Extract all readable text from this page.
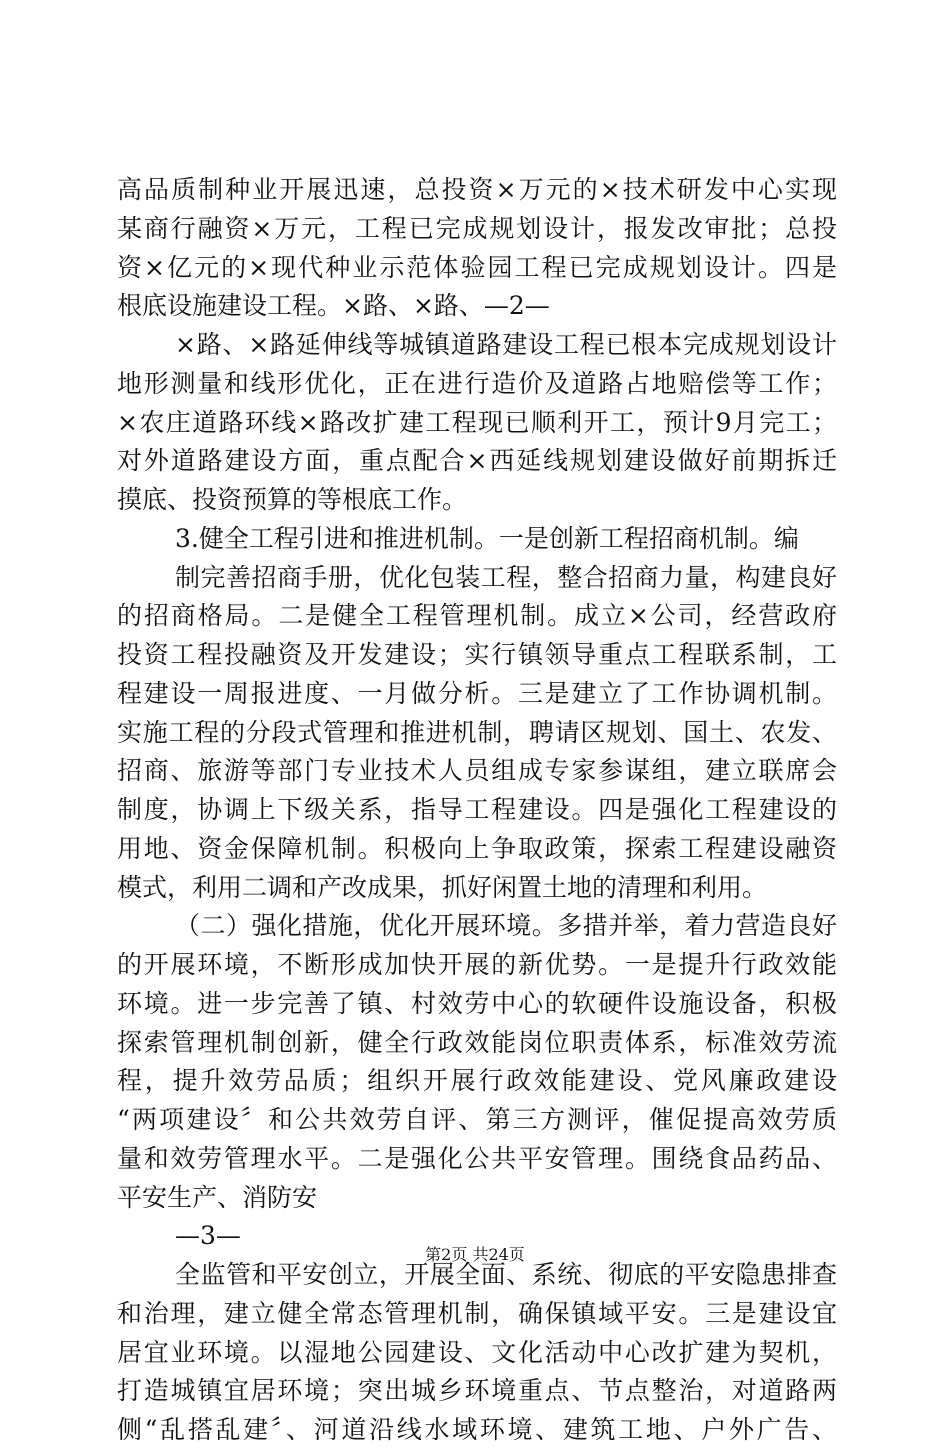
高品质制种业开展迅速，总投资×万元的×技术研发中心实现
某商行融资×万元，工程已完成规划设计，报发改审批；总投
资×亿元的×现代种业示范体验园工程已完成规划设计。四是
根底设施建设工程。×路、×路、—2—
×路、×路延伸线等城镇道路建设工程已根本完成规划设计
地形测量和线形优化，正在进行造价及道路占地赔偿等工作；
×农庄道路环线×路改扩建工程现已顺利开工，预计9月完工；
对外道路建设方面，重点配合×西延线规划建设做好前期拆迁
摸底、投资预算的等根底工作。
3.健全工程引进和推进机制。一是创新工程招商机制。编
制完善招商手册，优化包装工程，整合招商力量，构建良好
的招商格局。二是健全工程管理机制。成立×公司，经营政府
投资工程投融资及开发建设；实行镇领导重点工程联系制，工
程建设一周报进度、一月做分析。三是建立了工作协调机制。
实施工程的分段式管理和推进机制，聘请区规划、国土、农发、
招商、旅游等部门专业技术人员组成专家参谋组，建立联席会
制度，协调上下级关系，指导工程建设。四是强化工程建设的
用地、资金保障机制。积极向上争取政策，探索工程建设融资
模式，利用二调和产改成果，抓好闲置土地的清理和利用。
（二）强化措施，优化开展环境。多措并举，着力营造良好
的开展环境，不断形成加快开展的新优势。一是提升行政效能
环境。进一步完善了镇、村效劳中心的软硬件设施设备，积极
探索管理机制创新，健全行政效能岗位职责体系，标准效劳流
程，提升效劳品质；组织开展行政效能建设、党风廉政建设
“两项建设〞和公共效劳自评、第三方测评，催促提高效劳质
量和效劳管理水平。二是强化公共平安管理。围绕食品药品、
平安生产、消防安
—3—
全监管和平安创立，开展全面、系统、彻底的平安隐患排查
和治理，建立健全常态管理机制，确保镇域平安。三是建设宜
居宜业环境。以湿地公园建设、文化活动中心改扩建为契机，
打造城镇宜居环境；突出城乡环境重点、节点整治，对道路两
侧“乱搭乱建〞、河道沿线水域环境、建筑工地、户外广告、
第2页 共24页
